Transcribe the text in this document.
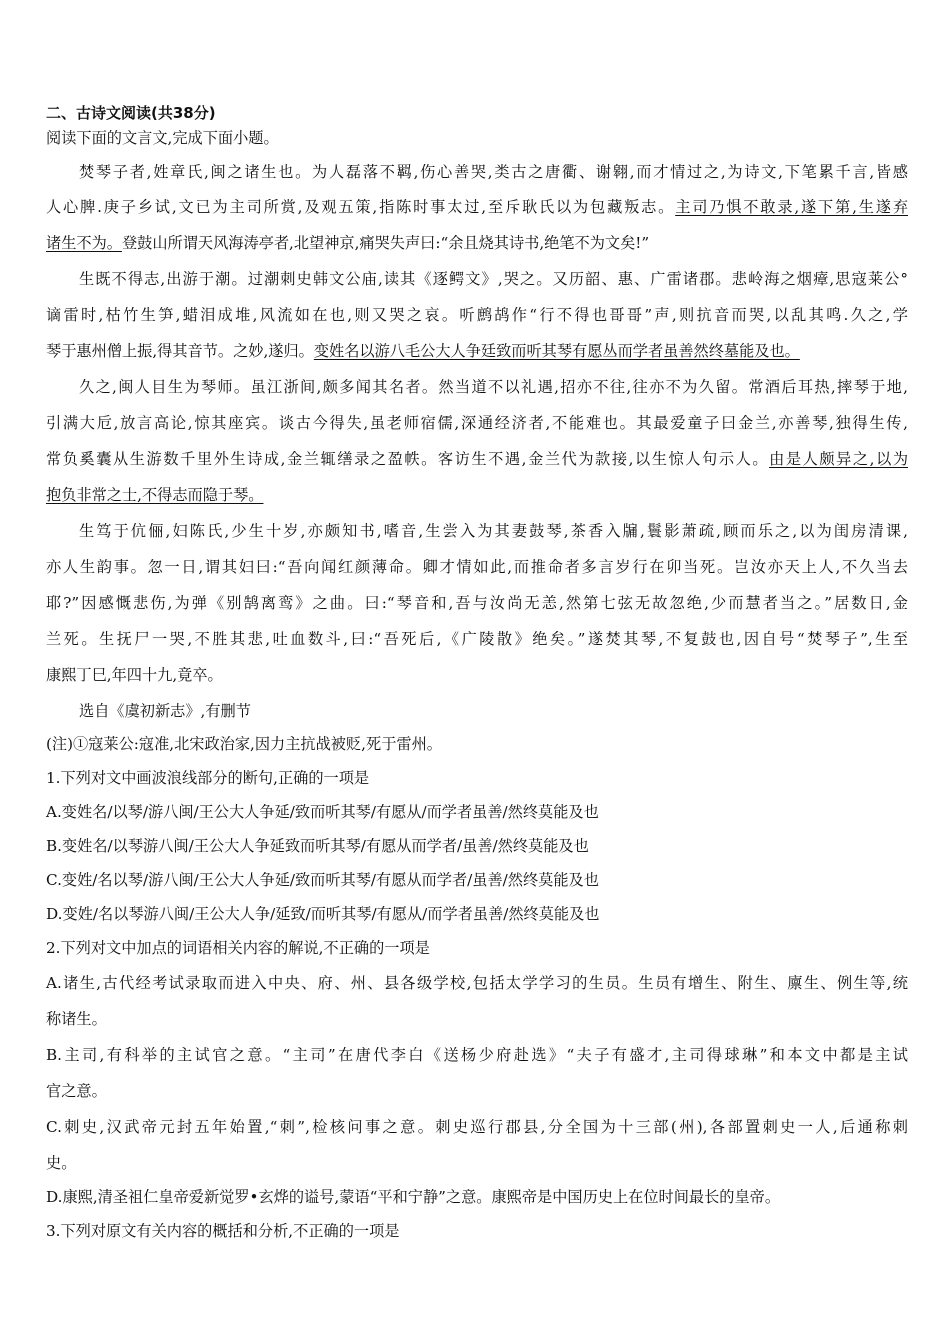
二、古诗文阅读(共38分)
阅读下面的文言文,完成下面小题。
焚琴子者,姓章氏,闽之诸生也。为人磊落不羁,伤心善哭,类古之唐衢、谢翱,而才情过之,为诗文,下笔累千言,皆感
人心脾.庚子乡试,文已为主司所赏,及观五策,指陈时事太过,至斥耿氏以为包藏叛志。主司乃惧不敢录,遂下第,生遂弃
诸生不为。登鼓山所谓天风海涛亭者,北望神京,痛哭失声曰:“余且烧其诗书,绝笔不为文矣!”
生既不得志,出游于潮。过潮刺史韩文公庙,读其《逐鳄文》,哭之。又历韶、惠、广雷诸郡。悲岭海之烟瘴,思寇莱公°
谪雷时,枯竹生笋,蜡泪成堆,风流如在也,则又哭之哀。听鹧鸪作“行不得也哥哥”声,则抗音而哭,以乱其鸣.久之,学
琴于惠州僧上振,得其音节。之妙,遂归。变姓名以游八毛公大人争廷致而听其琴有愿丛而学者虽善然终墓能及也。
久之,闽人目生为琴师。虽江浙间,颇多闻其名者。然当道不以礼遇,招亦不往,往亦不为久留。常酒后耳热,摔琴于地,
引满大卮,放言高论,惊其座宾。谈古今得失,虽老师宿儒,深通经济者,不能难也。其最爱童子曰金兰,亦善琴,独得生传,
常负奚囊从生游数千里外生诗成,金兰辄缮录之盈帙。客访生不遇,金兰代为款接,以生惊人句示人。由是人颇异之,以为
抱负非常之士,不得志而隐于琴。
生笃于伉俪,妇陈氏,少生十岁,亦颇知书,嗜音,生尝入为其妻鼓琴,茶香入牖,鬟影萧疏,顾而乐之,以为闺房清课,
亦人生韵事。忽一日,谓其妇曰:“吾向闻红颜薄命。卿才情如此,而推命者多言岁行在卯当死。岂汝亦天上人,不久当去
耶?”因感慨悲伤,为弹《别鹄离鸾》之曲。曰:“琴音和,吾与汝尚无恙,然第七弦无故忽绝,少而慧者当之。”居数日,金
兰死。生抚尸一哭,不胜其悲,吐血数斗,曰:“吾死后,《广陵散》绝矣。”遂焚其琴,不复鼓也,因自号“焚琴子”,生至
康熙丁巳,年四十九,竟卒。
选自《虞初新志》,有删节
(注)①寇莱公:寇准,北宋政治家,因力主抗战被贬,死于雷州。
1.下列对文中画波浪线部分的断句,正确的一项是
A.变姓名/以琴/游八闽/王公大人争延/致而听其琴/有愿从/而学者虽善/然终莫能及也
B.变姓名/以琴游八闽/王公大人争延致而听其琴/有愿从而学者/虽善/然终莫能及也
C.变姓/名以琴/游八闽/王公大人争延/致而听其琴/有愿从而学者/虽善/然终莫能及也
D.变姓/名以琴游八闽/王公大人争/延致/而听其琴/有愿从/而学者虽善/然终莫能及也
2.下列对文中加点的词语相关内容的解说,不正确的一项是
A.诸生,古代经考试录取而进入中央、府、州、县各级学校,包括太学学习的生员。生员有增生、附生、廪生、例生等,统
称诸生。
B.主司,有科举的主试官之意。“主司”在唐代李白《送杨少府赴选》“夫子有盛才,主司得球琳”和本文中都是主试
官之意。
C.刺史,汉武帝元封五年始置,“刺”,检核问事之意。刺史巡行郡县,分全国为十三部(州),各部置刺史一人,后通称刺
史。
D.康熙,清圣祖仁皇帝爱新觉罗•玄烨的谥号,蒙语“平和宁静”之意。康熙帝是中国历史上在位时间最长的皇帝。
3.下列对原文有关内容的概括和分析,不正确的一项是
